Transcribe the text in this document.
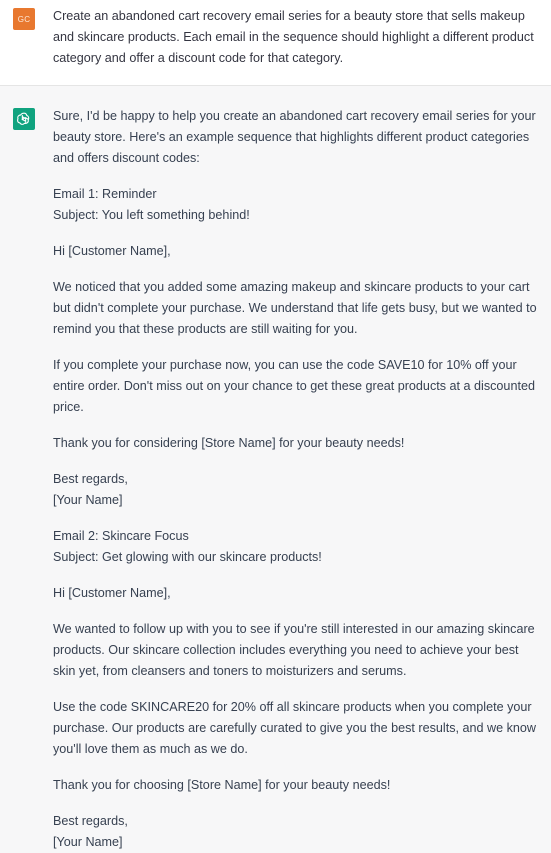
GC Create an abandoned cart recovery email series for a beauty store that sells makeup and skincare products. Each email in the sequence should highlight a different product category and offer a discount code for that category.

Sure, I'd be happy to help you create an abandoned cart recovery email series for your beauty store. Here's an example sequence that highlights different product categories and offers discount codes:

Email 1: Reminder
Subject: You left something behind!

Hi [Customer Name],

We noticed that you added some amazing makeup and skincare products to your cart but didn't complete your purchase. We understand that life gets busy, but we wanted to remind you that these products are still waiting for you.

If you complete your purchase now, you can use the code SAVE10 for 10% off your entire order. Don't miss out on your chance to get these great products at a discounted price.

Thank you for considering [Store Name] for your beauty needs!

Best regards,
[Your Name]

Email 2: Skincare Focus
Subject: Get glowing with our skincare products!

Hi [Customer Name],

We wanted to follow up with you to see if you're still interested in our amazing skincare products. Our skincare collection includes everything you need to achieve your best skin yet, from cleansers and toners to moisturizers and serums.

Use the code SKINCARE20 for 20% off all skincare products when you complete your purchase. Our products are carefully curated to give you the best results, and we know you'll love them as much as we do.

Thank you for choosing [Store Name] for your beauty needs!

Best regards,
[Your Name]
